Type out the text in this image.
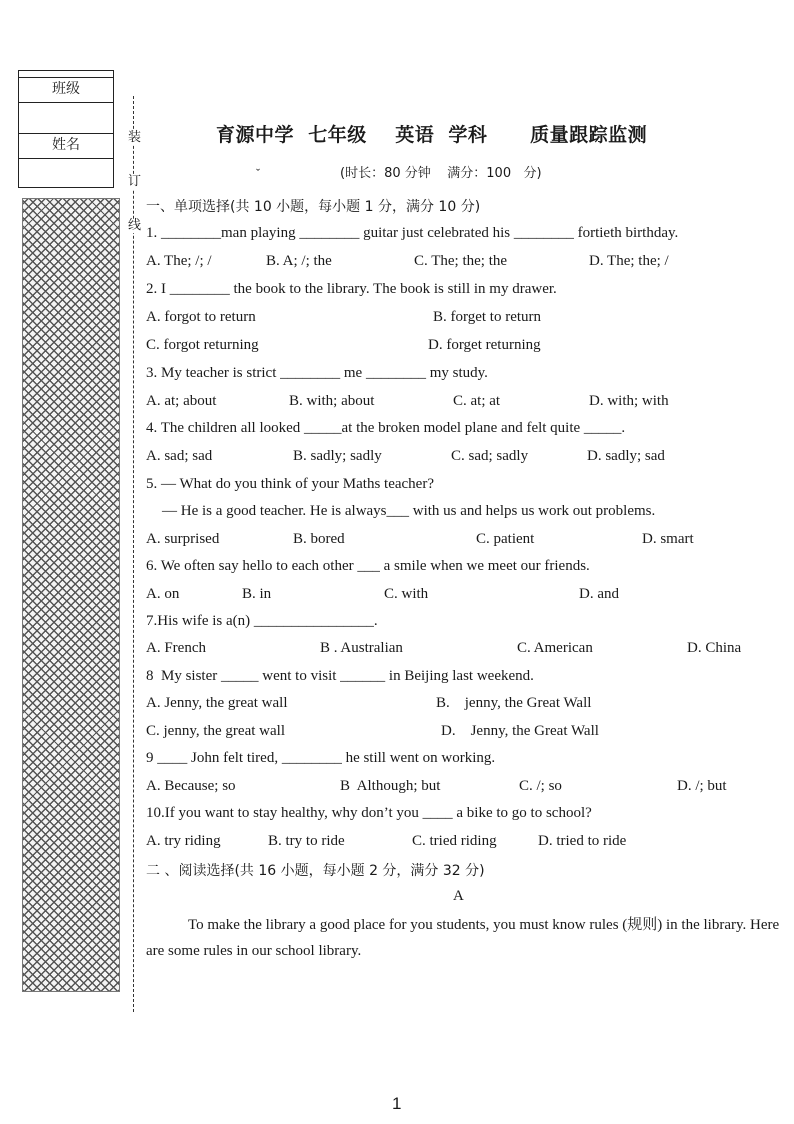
班级
姓名	装
订
线
育源中学  七年级    英语  学科      质量跟踪监测
ˇ	(时长：80 分钟    满分：100   分)
一、单项选择(共 10 小题，每小题 1 分，满分 10 分)
1. ________man playing ________ guitar just celebrated his ________ fortieth birthday.
A. The; /; /	B. A; /; the	C. The; the; the	D. The; the; /
2. I ________ the book to the library. The book is still in my drawer.
A. forgot to return	B. forget to return
C. forgot returning	D. forget returning
3. My teacher is strict ________ me ________ my study.
A. at; about	B. with; about	C. at; at	D. with; with
4. The children all looked _____at the broken model plane and felt quite _____.
A. sad; sad	B. sadly; sadly	C. sad; sadly	D. sadly; sad
5. — What do you think of your Maths teacher?
— He is a good teacher. He is always___ with us and helps us work out problems.
A. surprised	B. bored	C. patient	D. smart
6. We often say hello to each other ___ a smile when we meet our friends.
A. on	B. in	C. with	D. and
7.His wife is a(n) ________________.
A. French	B . Australian	C. American	D. China
8  My sister _____ went to visit ______ in Beijing last weekend.
A. Jenny, the great wall	B.    jenny, the Great Wall
C. jenny, the great wall	D.    Jenny, the Great Wall
9 ____ John felt tired, ________ he still went on working.
A. Because; so	B  Although; but	C. /; so	D. /; but
10.If you want to stay healthy, why don’t you ____ a bike to go to school?
A. try riding	B. try to ride	C. tried riding	D. tried to ride
二 、阅读选择(共 16 小题，每小题 2 分，满分 32 分)
A
To make the library a good place for you students, you must know rules (规则) in the library. Here are some rules in our school library.
1
